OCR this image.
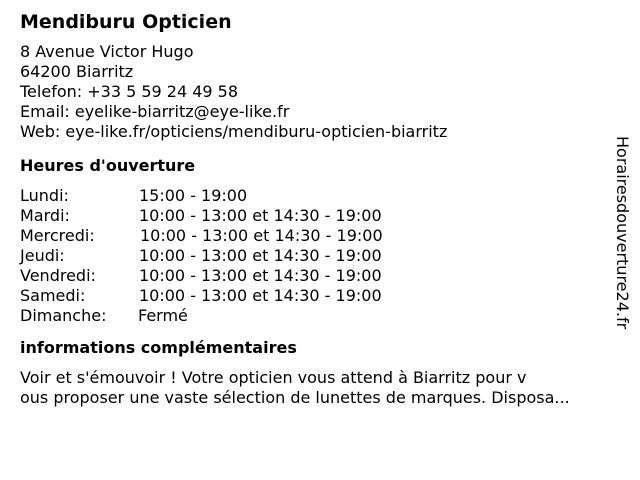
Mendiburu Opticien
8 Avenue Victor Hugo
64200 Biarritz
Telefon: +33 5 59 24 49 58
Email: eyelike-biarritz@eye-like.fr
Web: eye-like.fr/opticiens/mendiburu-opticien-biarritz
Heures d'ouverture
Lundi:	15:00 - 19:00
Mardi:	10:00 - 13:00 et 14:30 - 19:00
Mercredi:	10:00 - 13:00 et 14:30 - 19:00
Jeudi:	10:00 - 13:00 et 14:30 - 19:00
Vendredi:	10:00 - 13:00 et 14:30 - 19:00
Samedi:	10:00 - 13:00 et 14:30 - 19:00
Dimanche: Fermé
informations complémentaires
Voir et s'émouvoir ! Votre opticien vous attend à Biarritz pour v
ous proposer une vaste sélection de lunettes de marques. Disposa...
Horairesdouverture24.fr
